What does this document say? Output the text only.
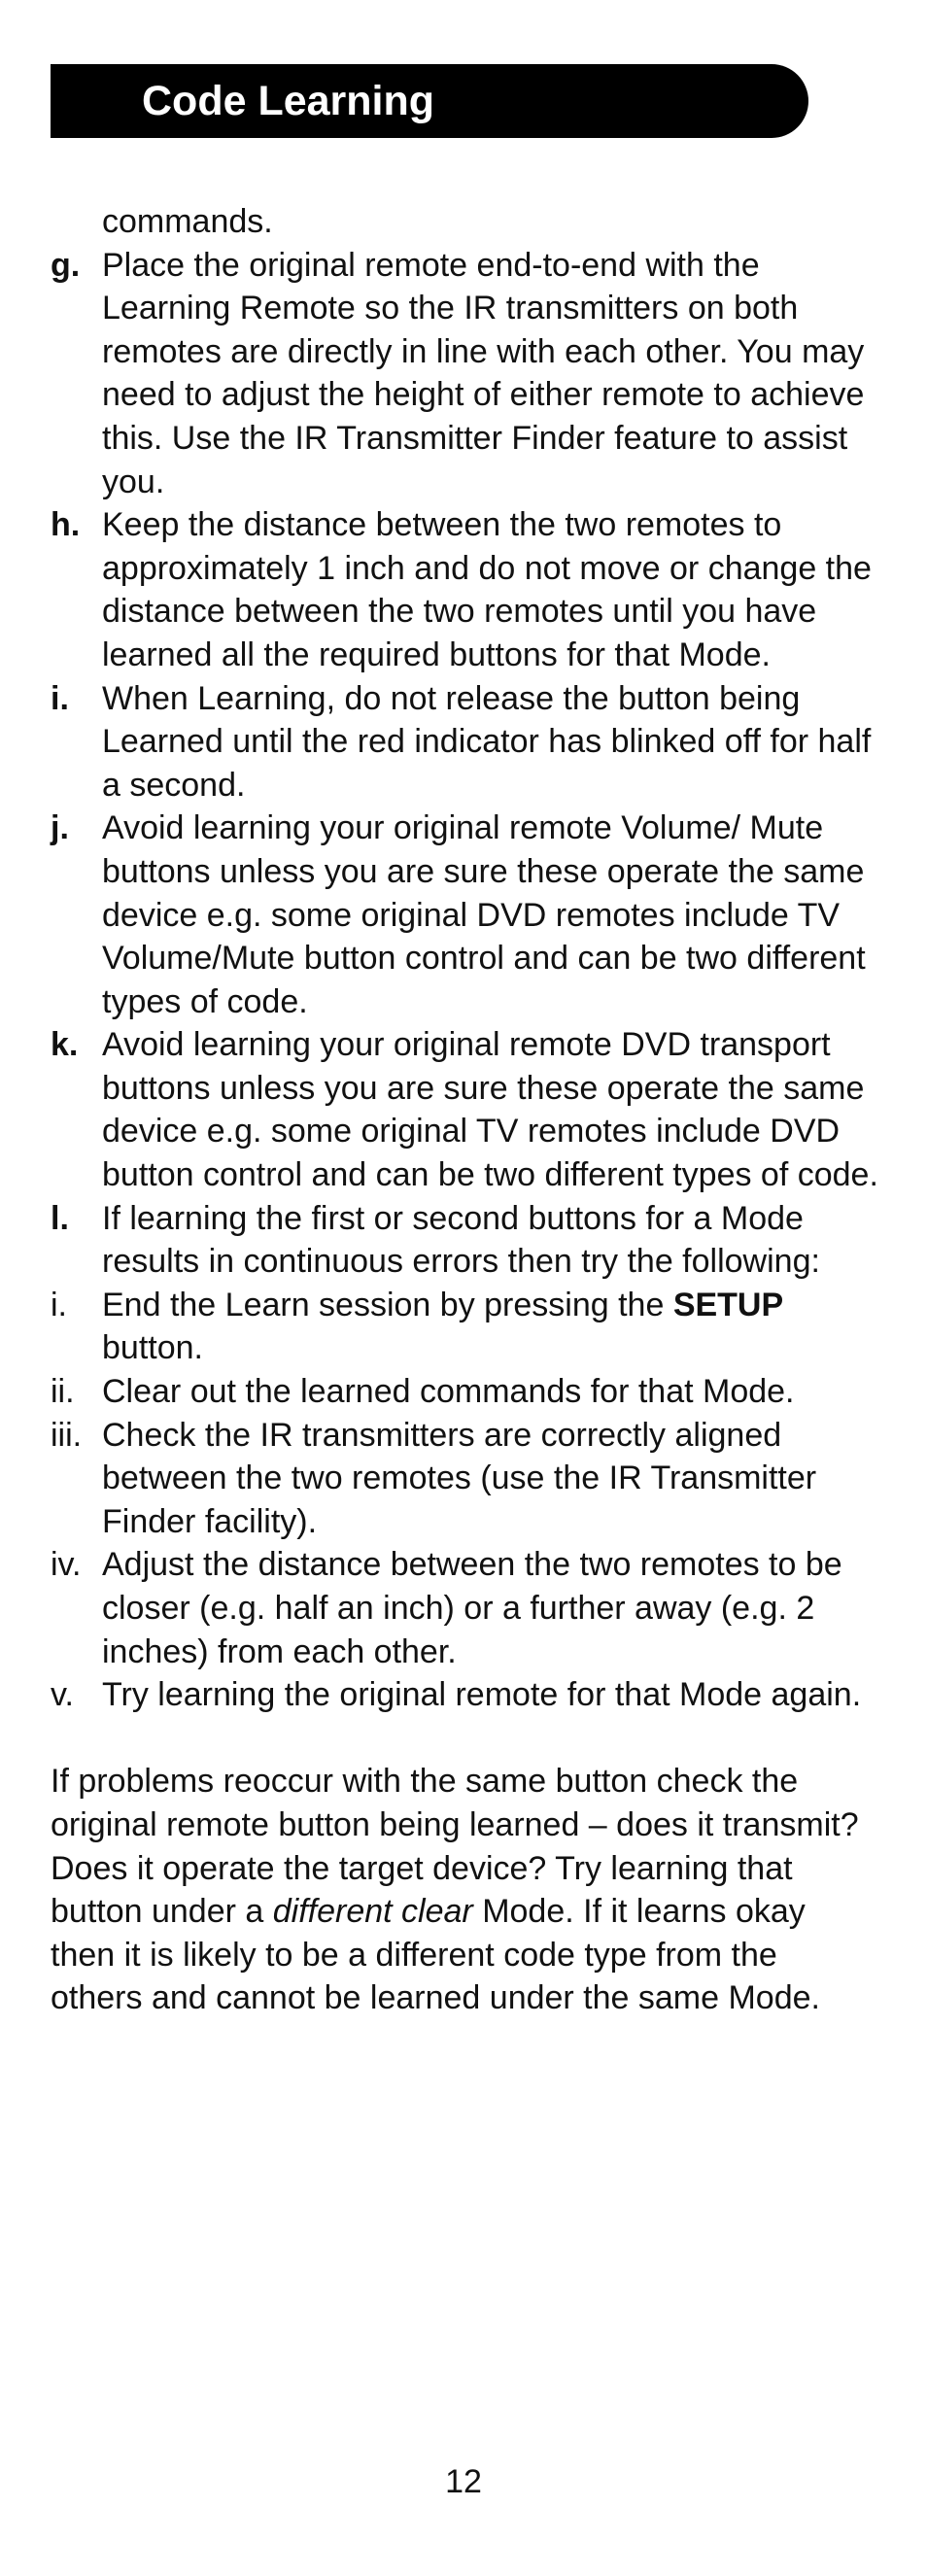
Code Learning
commands.
g. Place the original remote end-to-end with the Learning Remote so the IR transmitters on both remotes are directly in line with each other. You may need to adjust the height of either remote to achieve this. Use the IR Transmitter Finder feature to assist you.
h. Keep the distance between the two remotes to approximately 1 inch and do not move or change the distance between the two remotes until you have learned all the required buttons for that Mode.
i. When Learning, do not release the button being Learned until the red indicator has blinked off for half a second.
j. Avoid learning your original remote Volume/ Mute buttons unless you are sure these operate the same device e.g. some original DVD remotes include TV Volume/Mute button control and can be two different types of code.
k. Avoid learning your original remote DVD transport buttons unless you are sure these operate the same device e.g. some original TV remotes include DVD button control and can be two different types of code.
l. If learning the first or second buttons for a Mode results in continuous errors then try the following:
i. End the Learn session by pressing the SETUP button.
ii. Clear out the learned commands for that Mode.
iii. Check the IR transmitters are correctly aligned between the two remotes (use the IR Transmitter Finder facility).
iv. Adjust the distance between the two remotes to be closer (e.g. half an inch) or a further away (e.g. 2 inches) from each other.
v. Try learning the original remote for that Mode again.
If problems reoccur with the same button check the original remote button being learned – does it transmit? Does it operate the target device? Try learning that button under a different clear Mode. If it learns okay then it is likely to be a different code type from the others and cannot be learned under the same Mode.
12
